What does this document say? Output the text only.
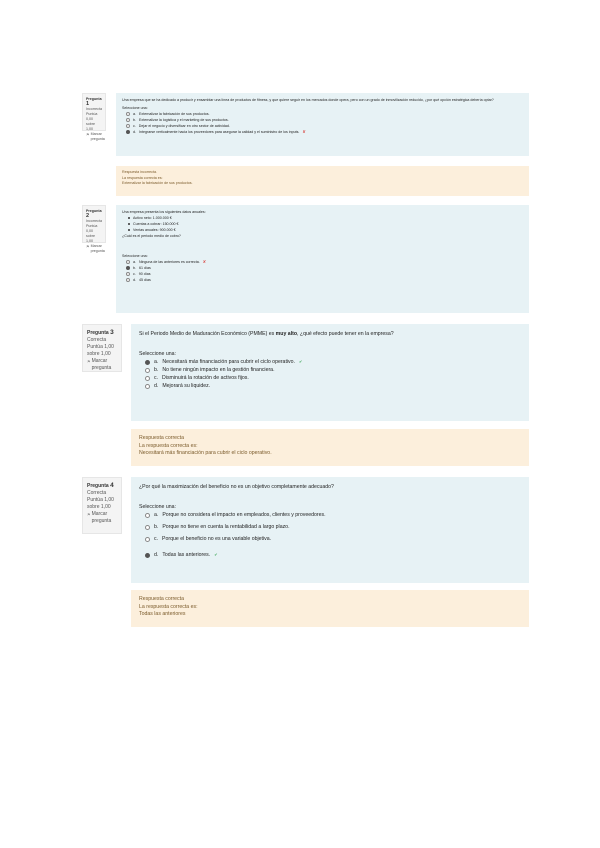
Pregunta 1
Incorrecta
Puntúa 0,00 sobre 1,00
⚑ Marcar pregunta
Una empresa que se ha dedicado a producir y ensamblar una línea de productos de fitness, y que quiere seguir en los mercados donde opera, pero con un grado de inmovilización reducido, ¿por qué opción estratégica debería optar?
Seleccione una:
a. Externalizar la fabricación de sus productos.
b. Externalizar la logística y el marketing de sus productos.
c. Dejar el negocio y diversificar en otro sector de actividad.
d. Integrarse verticalmente hacia los proveedores para asegurar la calidad y el suministro de los inputs. ✘
Respuesta incorrecta.
La respuesta correcta es:
Externalizar la fabricación de sus productos.
Pregunta 2
Incorrecta
Puntúa 0,00 sobre 1,00
⚑ Marcar pregunta
Una empresa presenta los siguientes datos anuales:
Activo neto: 1.000.000 €
Cuentas a cobrar: 150.000 €
Ventas anuales: 900.000 €
¿Cuál es el periodo medio de cobro?
Seleccione una:
a. Ninguna de las anteriores es correcta. ✘
b. 61 días
c. 90 días
d. 45 días
Pregunta 3
Correcta
Puntúa 1,00 sobre 1,00
⚑ Marcar pregunta
Si el Periodo Medio de Maduración Económico (PMME) es muy alto, ¿qué efecto puede tener en la empresa?
Seleccione una:
a. Necesitará más financiación para cubrir el ciclo operativo. ✔
b. No tiene ningún impacto en la gestión financiera.
c. Disminuirá la rotación de activos fijos.
d. Mejorará su liquidez.
Respuesta correcta
La respuesta correcta es:
Necesitará más financiación para cubrir el ciclo operativo.
Pregunta 4
Correcta
Puntúa 1,00 sobre 1,00
⚑ Marcar pregunta
¿Por qué la maximización del beneficio no es un objetivo completamente adecuado?
Seleccione una:
a. Porque no considera el impacto en empleados, clientes y proveedores.
b. Porque no tiene en cuenta la rentabilidad a largo plazo.
c. Porque el beneficio no es una variable objetiva.
d. Todas las anteriores. ✔
Respuesta correcta
La respuesta correcta es:
Todas las anteriores
